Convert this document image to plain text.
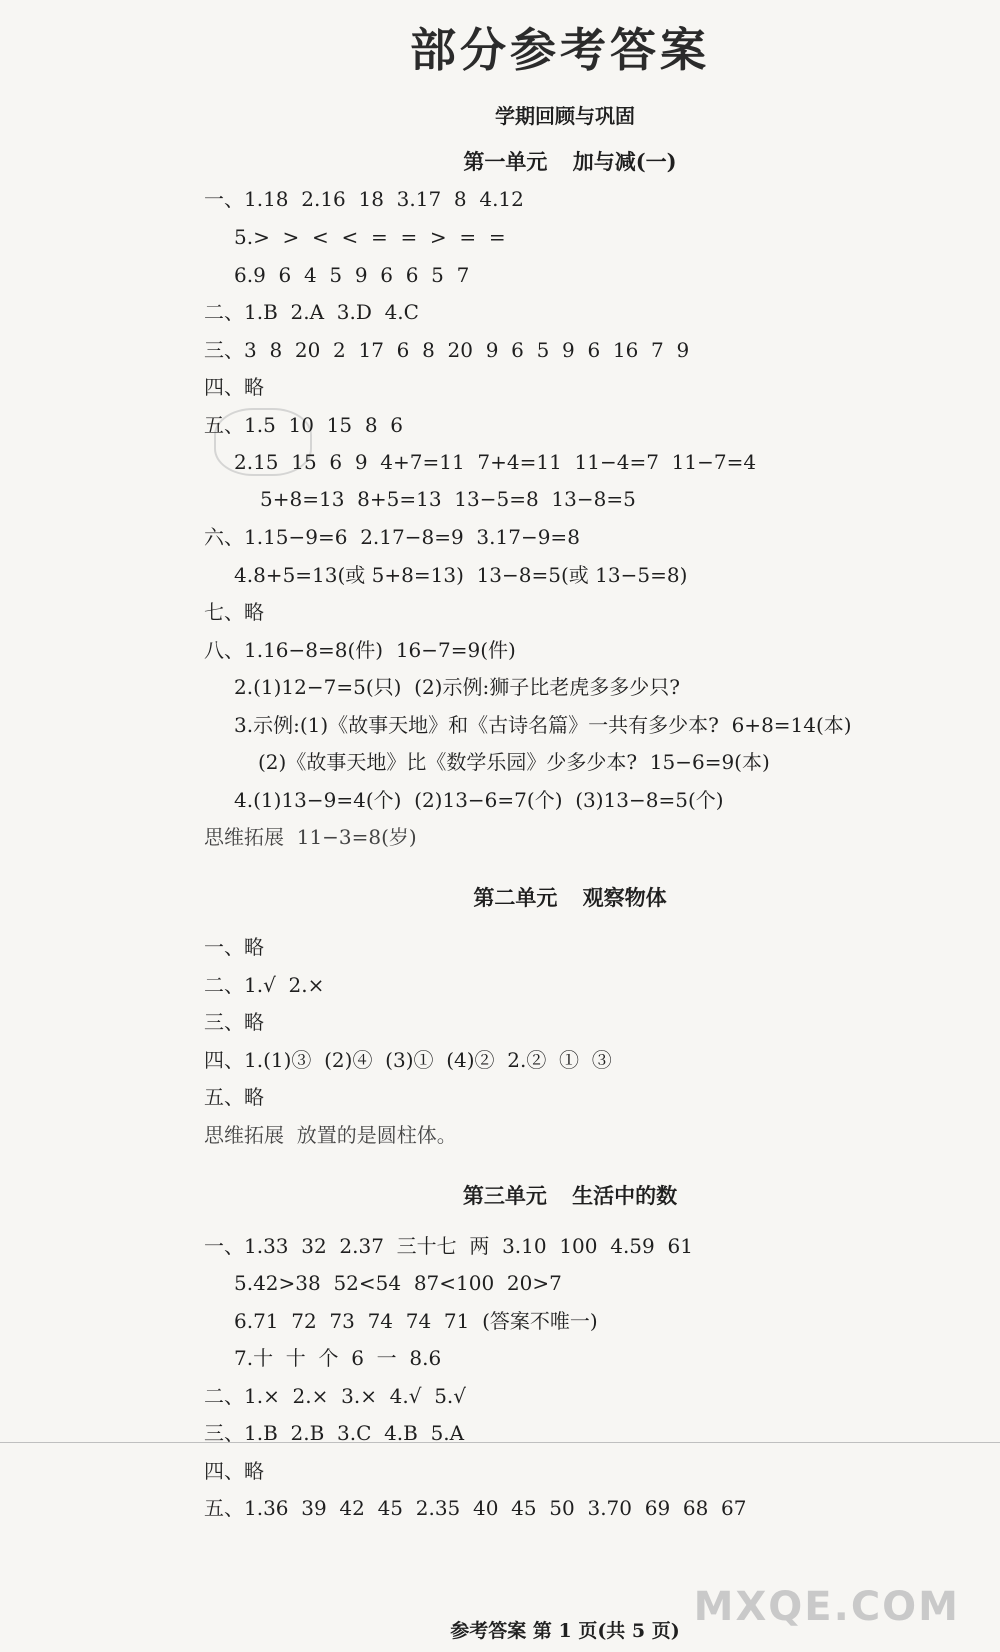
部分参考答案
学期回顾与巩固
第一单元 加与减(一)
一、1.18  2.16  18  3.17  8  4.12
5.>  >  <  <  =  =  >  =  =
6.9  6  4  5  9  6  6  5  7
二、1.B  2.A  3.D  4.C
三、3  8  20  2  17  6  8  20  9  6  5  9  6  16  7  9
四、略
五、1.5  10  15  8  6
2.15  15  6  9  4+7=11  7+4=11  11−4=7  11−7=4
5+8=13  8+5=13  13−5=8  13−8=5
六、1.15−9=6  2.17−8=9  3.17−9=8
4.8+5=13(或 5+8=13)  13−8=5(或 13−5=8)
七、略
八、1.16−8=8(件)  16−7=9(件)
2.(1)12−7=5(只)  (2)示例:狮子比老虎多多少只?
3.示例:(1)《故事天地》和《古诗名篇》一共有多少本?  6+8=14(本)
(2)《故事天地》比《数学乐园》少多少本?  15−6=9(本)
4.(1)13−9=4(个)  (2)13−6=7(个)  (3)13−8=5(个)
思维拓展  11−3=8(岁)
第二单元 观察物体
一、略
二、1.√  2.×
三、略
四、1.(1)③  (2)④  (3)①  (4)②  2.②  ①  ③
五、略
思维拓展  放置的是圆柱体。
第三单元 生活中的数
一、1.33  32  2.37  三十七  两  3.10  100  4.59  61
5.42>38  52<54  87<100  20>7
6.71  72  73  74  74  71  (答案不唯一)
7.十  十  个  6  一  8.6
二、1.×  2.×  3.×  4.√  5.√
三、1.B  2.B  3.C  4.B  5.A
四、略
五、1.36  39  42  45  2.35  40  45  50  3.70  69  68  67
参考答案 第 1 页(共 5 页)
MXQE.COM
